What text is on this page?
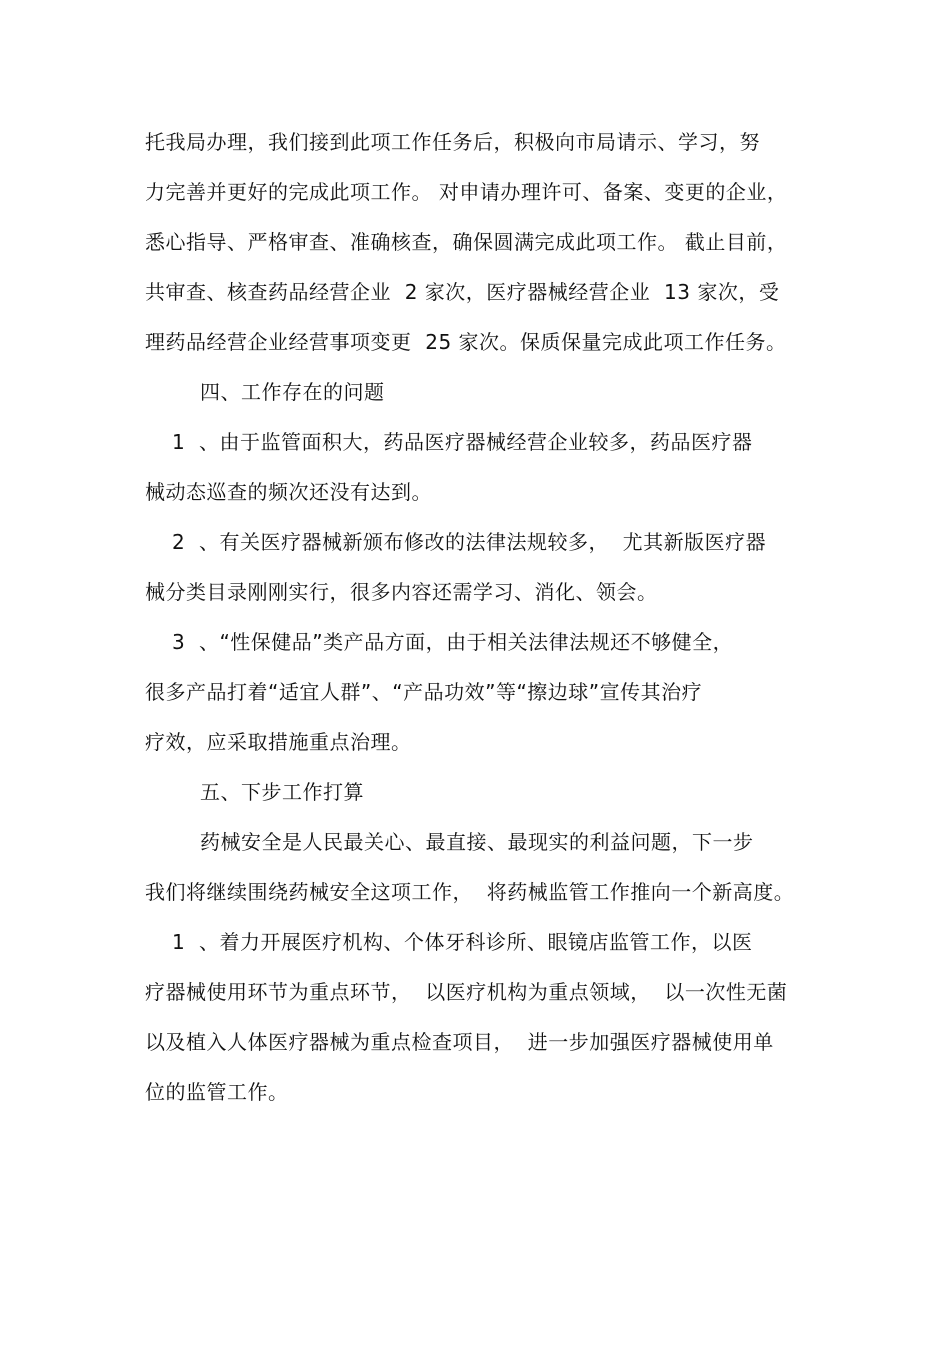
托我局办理，我们接到此项工作任务后，积极向市局请示、学习，努
力完善并更好的完成此项工作。 对申请办理许可、备案、变更的企业，
悉心指导、严格审查、准确核查，确保圆满完成此项工作。 截止目前，
共审查、核查药品经营企业  2 家次，医疗器械经营企业  13 家次，受
理药品经营企业经营事项变更  25 家次。保质保量完成此项工作任务。
四、工作存在的问题
1  、由于监管面积大，药品医疗器械经营企业较多，药品医疗器
械动态巡查的频次还没有达到。
2  、有关医疗器械新颁布修改的法律法规较多，  尤其新版医疗器
械分类目录刚刚实行，很多内容还需学习、消化、领会。
3  、“性保健品”类产品方面，由于相关法律法规还不够健全，
很多产品打着“适宜人群”、“产品功效”等“擦边球”宣传其治疗
疗效，应采取措施重点治理。
五、下步工作打算
药械安全是人民最关心、最直接、最现实的利益问题，下一步
我们将继续围绕药械安全这项工作，  将药械监管工作推向一个新高度。
1  、着力开展医疗机构、个体牙科诊所、眼镜店监管工作，以医
疗器械使用环节为重点环节，  以医疗机构为重点领域，  以一次性无菌
以及植入人体医疗器械为重点检查项目，  进一步加强医疗器械使用单
位的监管工作。
